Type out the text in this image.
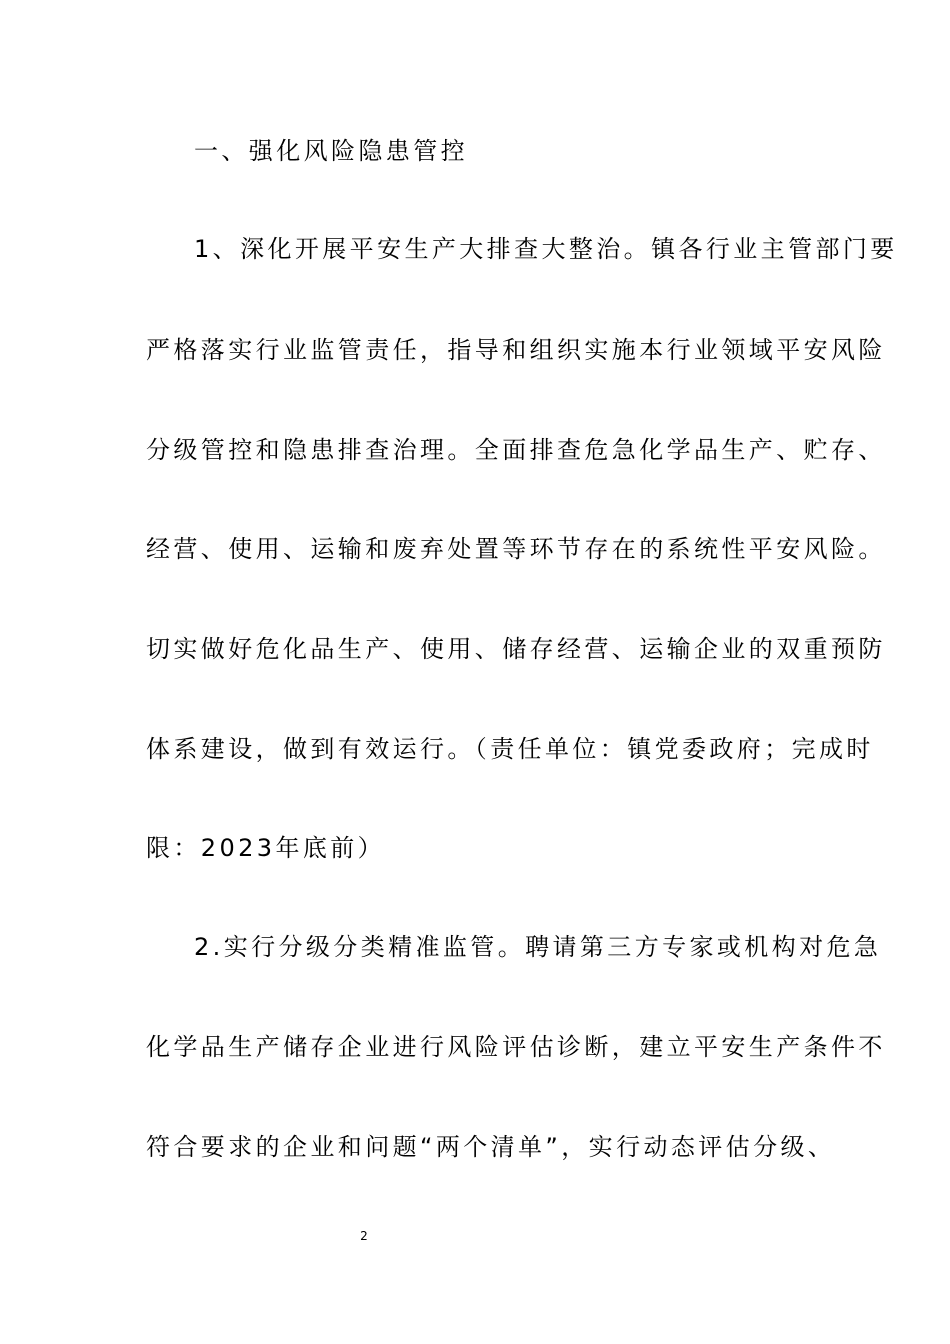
一、强化风险隐患管控
1、深化开展平安生产大排查大整治。镇各行业主管部门要
严格落实行业监管责任，指导和组织实施本行业领域平安风险
分级管控和隐患排查治理。全面排查危急化学品生产、贮存、
经营、使用、运输和废弃处置等环节存在的系统性平安风险。
切实做好危化品生产、使用、储存经营、运输企业的双重预防
体系建设，做到有效运行。（责任单位：镇党委政府；完成时
限：2023年底前）
2.实行分级分类精准监管。聘请第三方专家或机构对危急
化学品生产储存企业进行风险评估诊断，建立平安生产条件不
符合要求的企业和问题“两个清单”，实行动态评估分级、
2
